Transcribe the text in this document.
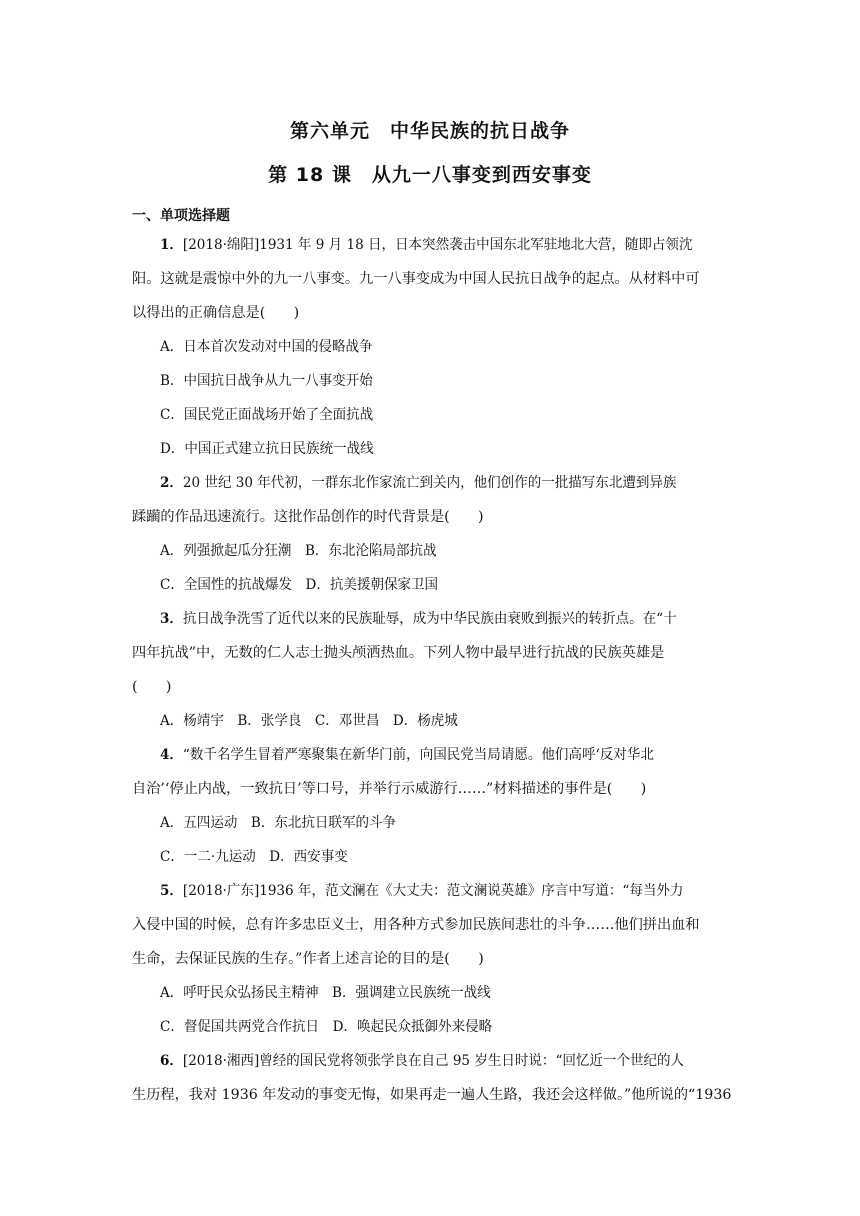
第六单元　中华民族的抗日战争
第 18 课　从九一八事变到西安事变
一、单项选择题
1．[2018·绵阳]1931 年 9 月 18 日，日本突然袭击中国东北军驻地北大营，随即占领沈
阳。这就是震惊中外的九一八事变。九一八事变成为中国人民抗日战争的起点。从材料中可
以得出的正确信息是(　　)
A．日本首次发动对中国的侵略战争
B．中国抗日战争从九一八事变开始
C．国民党正面战场开始了全面抗战
D．中国正式建立抗日民族统一战线
2．20 世纪 30 年代初，一群东北作家流亡到关内，他们创作的一批描写东北遭到异族
蹂躏的作品迅速流行。这批作品创作的时代背景是(　　)
A．列强掀起瓜分狂潮　B．东北沦陷局部抗战
C．全国性的抗战爆发　D．抗美援朝保家卫国
3．抗日战争洗雪了近代以来的民族耻辱，成为中华民族由衰败到振兴的转折点。在“十
四年抗战”中，无数的仁人志士抛头颅洒热血。下列人物中最早进行抗战的民族英雄是
(　　)
A．杨靖宇　B．张学良　C．邓世昌　D．杨虎城
4．“数千名学生冒着严寒聚集在新华门前，向国民党当局请愿。他们高呼‘反对华北
自治’‘停止内战，一致抗日’等口号，并举行示威游行……”材料描述的事件是(　　)
A．五四运动　B．东北抗日联军的斗争
C．一二·九运动　D．西安事变
5．[2018·广东]1936 年，范文澜在《大丈夫：范文澜说英雄》序言中写道：“每当外力
入侵中国的时候，总有许多忠臣义士，用各种方式参加民族间悲壮的斗争……他们拼出血和
生命，去保证民族的生存。”作者上述言论的目的是(　　)
A．呼吁民众弘扬民主精神　B．强调建立民族统一战线
C．督促国共两党合作抗日　D．唤起民众抵御外来侵略
6．[2018·湘西]曾经的国民党将领张学良在自己 95 岁生日时说：“回忆近一个世纪的人
生历程，我对 1936 年发动的事变无悔，如果再走一遍人生路，我还会这样做。”他所说的“1936
